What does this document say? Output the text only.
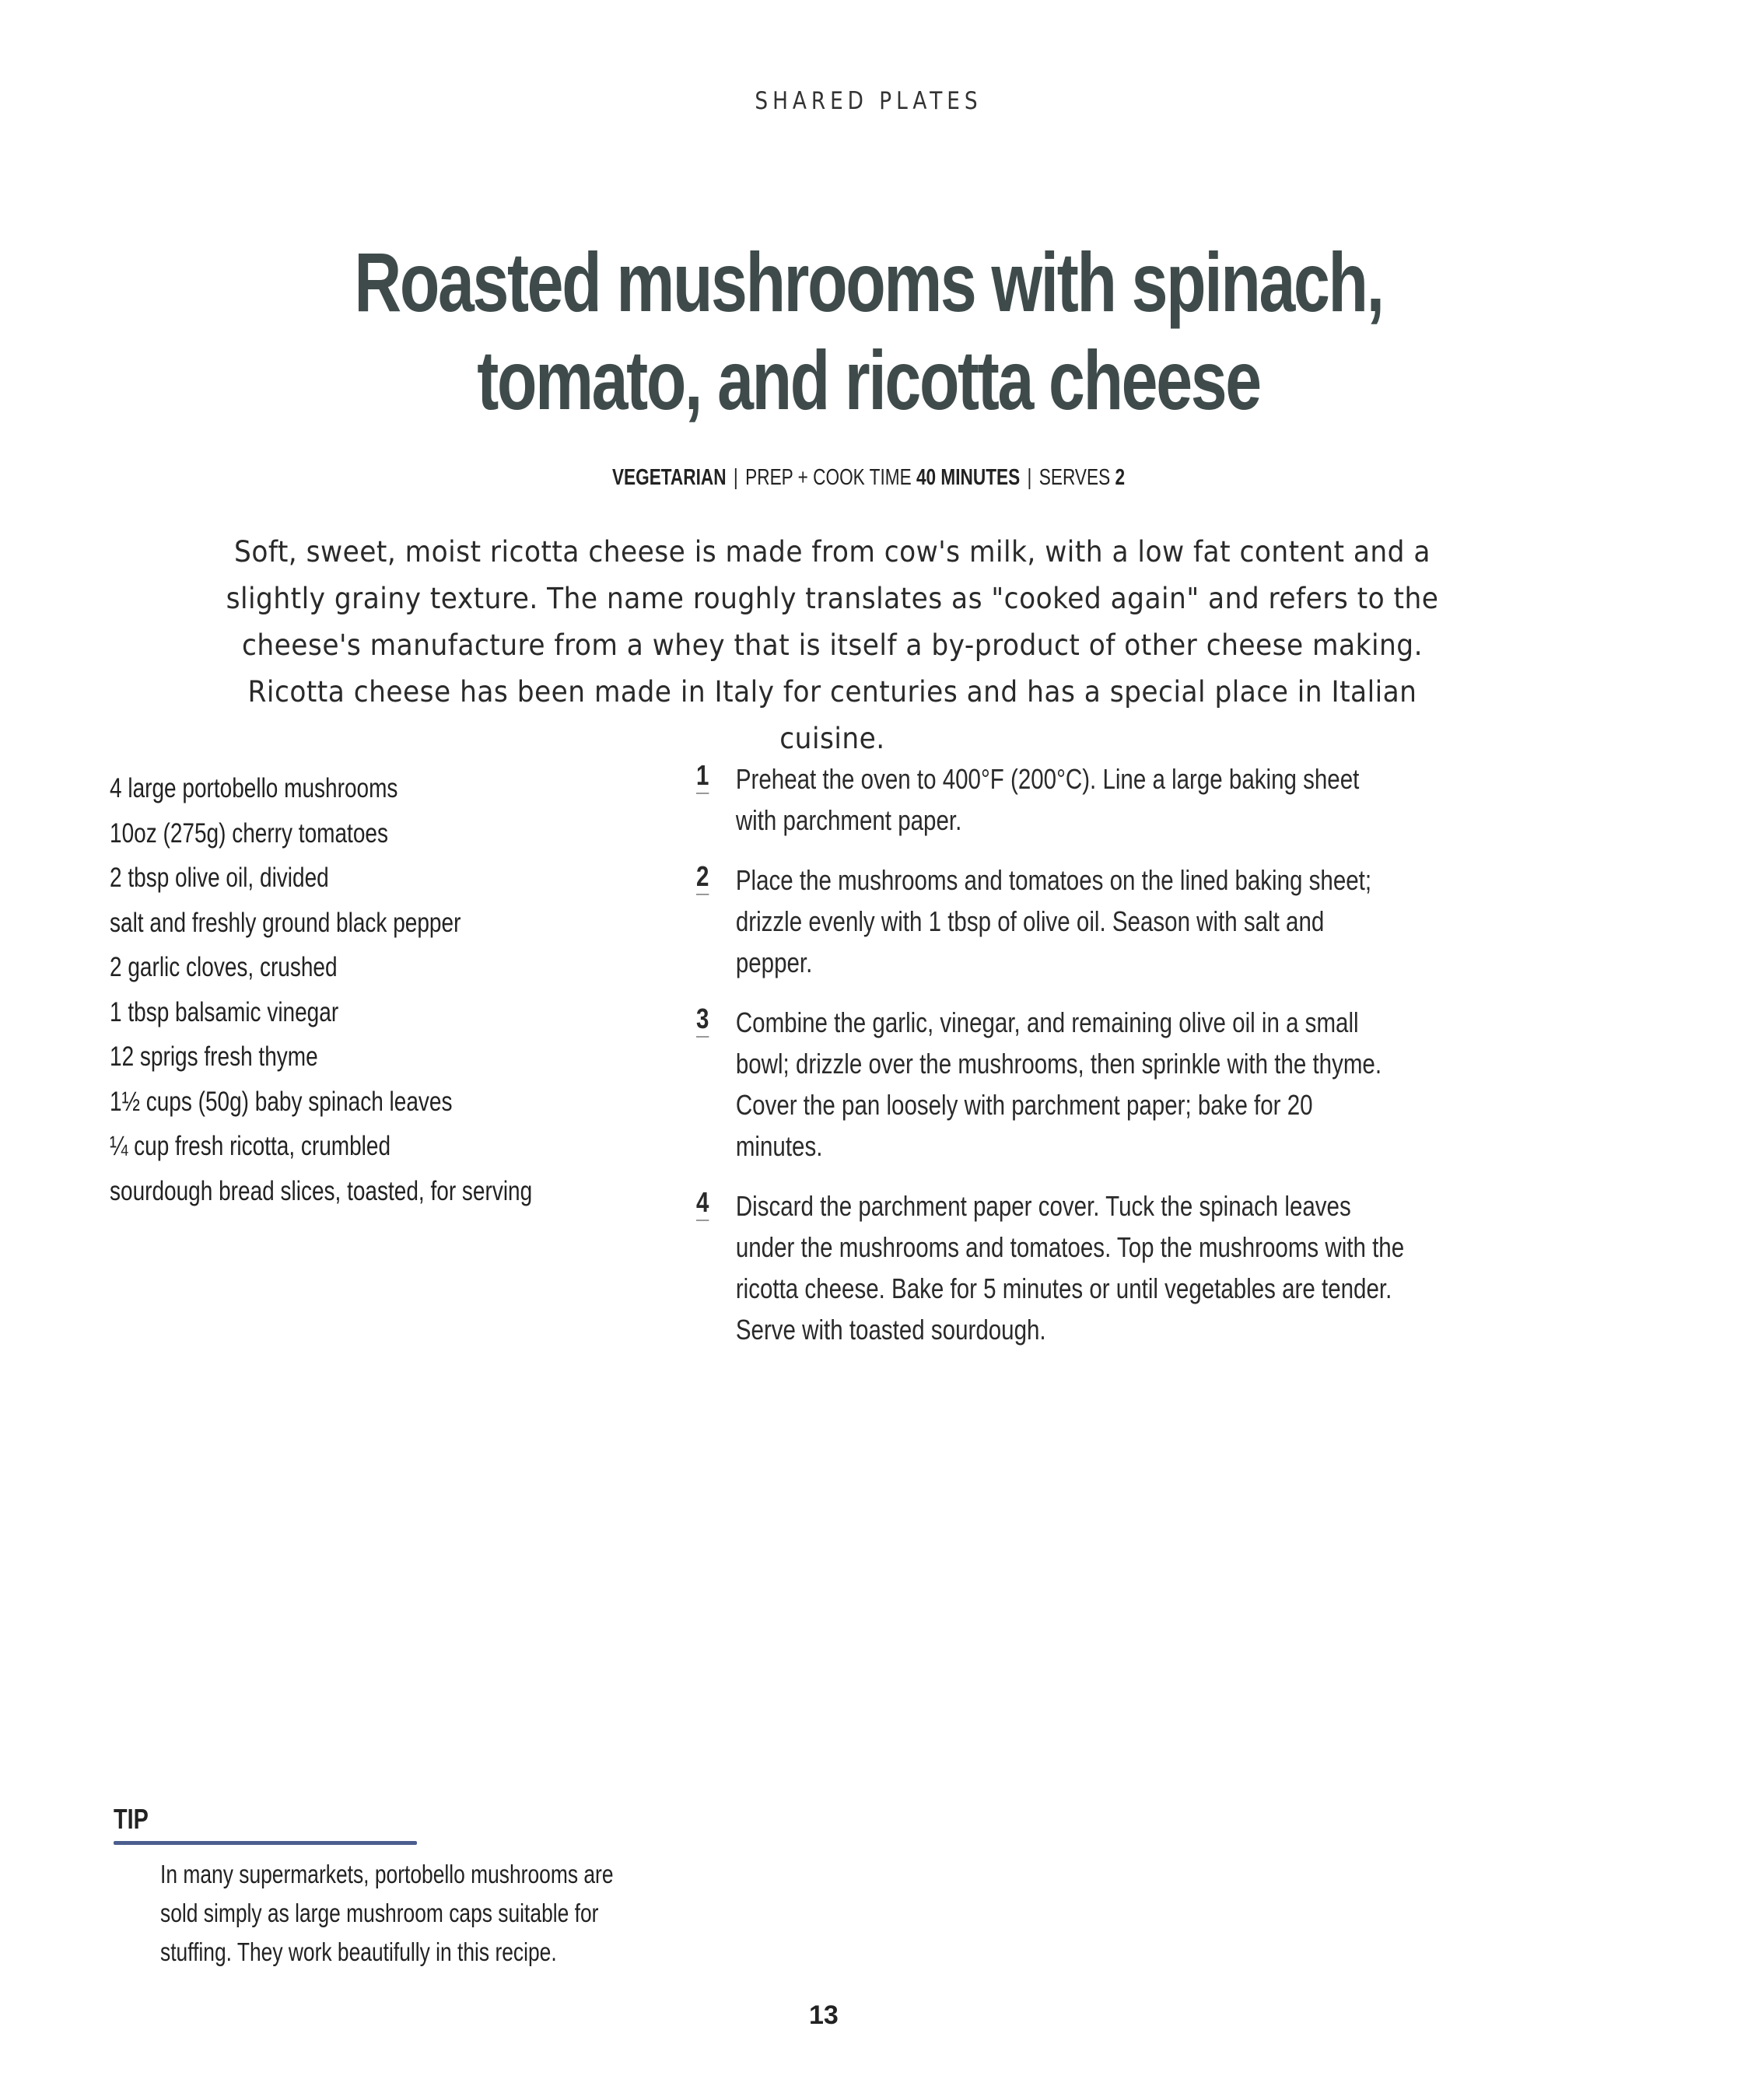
SHARED PLATES
Roasted mushrooms with spinach,
tomato, and ricotta cheese
VEGETARIAN | PREP + COOK TIME 40 MINUTES | SERVES 2
Soft, sweet, moist ricotta cheese is made from cow's milk, with a low fat content and a slightly grainy texture. The name roughly translates as "cooked again" and refers to the cheese's manufacture from a whey that is itself a by-product of other cheese making. Ricotta cheese has been made in Italy for centuries and has a special place in Italian cuisine.
4 large portobello mushrooms
10oz (275g) cherry tomatoes
2 tbsp olive oil, divided
salt and freshly ground black pepper
2 garlic cloves, crushed
1 tbsp balsamic vinegar
12 sprigs fresh thyme
1½ cups (50g) baby spinach leaves
¼ cup fresh ricotta, crumbled
sourdough bread slices, toasted, for serving
1 Preheat the oven to 400°F (200°C). Line a large baking sheet with parchment paper.
2 Place the mushrooms and tomatoes on the lined baking sheet; drizzle evenly with 1 tbsp of olive oil. Season with salt and pepper.
3 Combine the garlic, vinegar, and remaining olive oil in a small bowl; drizzle over the mushrooms, then sprinkle with the thyme. Cover the pan loosely with parchment paper; bake for 20 minutes.
4 Discard the parchment paper cover. Tuck the spinach leaves under the mushrooms and tomatoes. Top the mushrooms with the ricotta cheese. Bake for 5 minutes or until vegetables are tender. Serve with toasted sourdough.
TIP
In many supermarkets, portobello mushrooms are
sold simply as large mushroom caps suitable for
stuffing. They work beautifully in this recipe.
13
